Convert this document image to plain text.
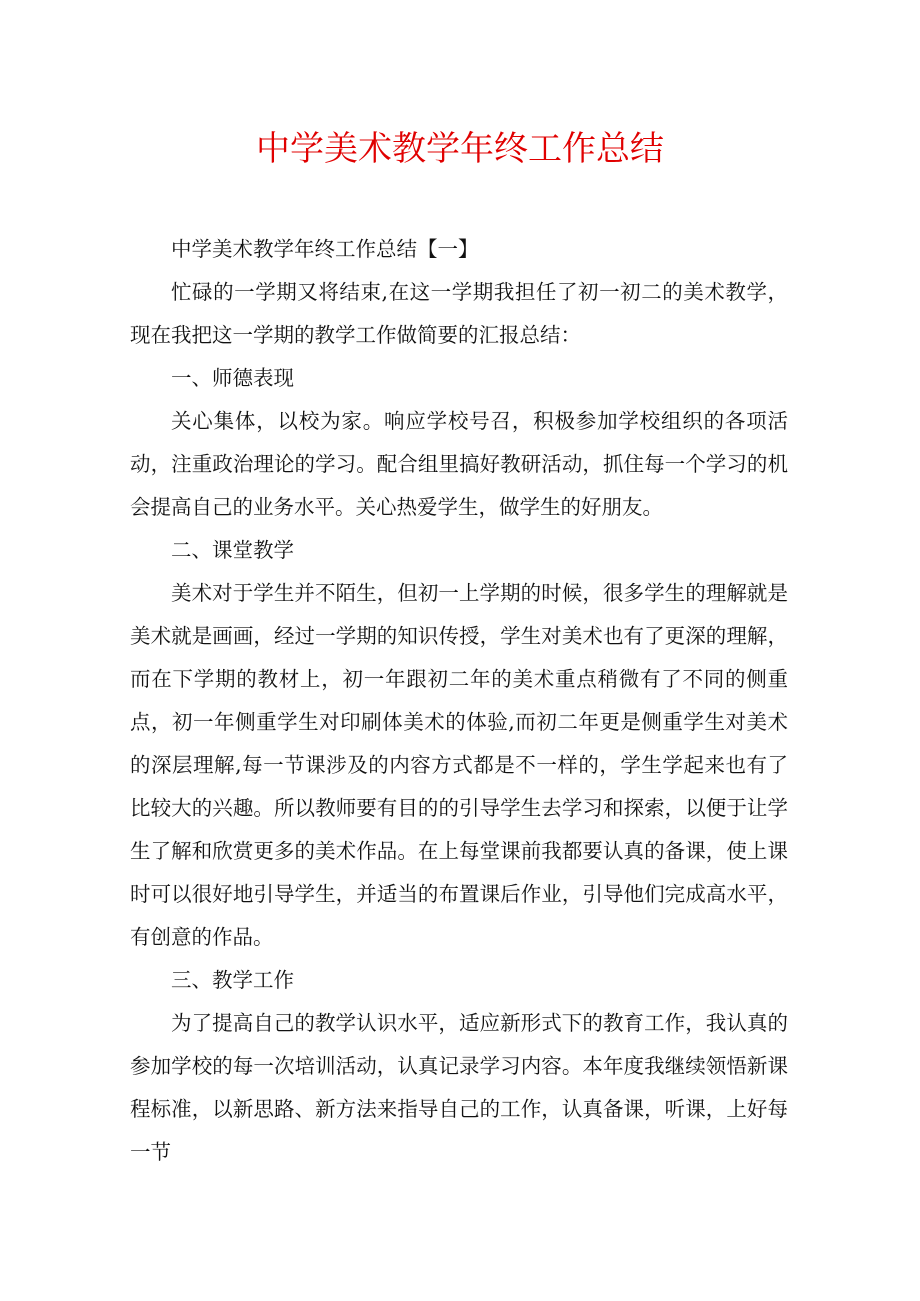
中学美术教学年终工作总结

中学美术教学年终工作总结【一】

忙碌的一学期又将结束,在这一学期我担任了初一初二的美术教学，现在我把这一学期的教学工作做简要的汇报总结：

一、师德表现

关心集体，以校为家。响应学校号召，积极参加学校组织的各项活动，注重政治理论的学习。配合组里搞好教研活动，抓住每一个学习的机会提高自己的业务水平。关心热爱学生，做学生的好朋友。

二、课堂教学

美术对于学生并不陌生，但初一上学期的时候，很多学生的理解就是美术就是画画，经过一学期的知识传授，学生对美术也有了更深的理解，而在下学期的教材上，初一年跟初二年的美术重点稍微有了不同的侧重点，初一年侧重学生对印刷体美术的体验,而初二年更是侧重学生对美术的深层理解,每一节课涉及的内容方式都是不一样的，学生学起来也有了比较大的兴趣。所以教师要有目的的引导学生去学习和探索，以便于让学生了解和欣赏更多的美术作品。在上每堂课前我都要认真的备课，使上课时可以很好地引导学生，并适当的布置课后作业，引导他们完成高水平，有创意的作品。

三、教学工作

为了提高自己的教学认识水平，适应新形式下的教育工作，我认真的参加学校的每一次培训活动，认真记录学习内容。本年度我继续领悟新课程标准，以新思路、新方法来指导自己的工作，认真备课，听课，上好每一节
